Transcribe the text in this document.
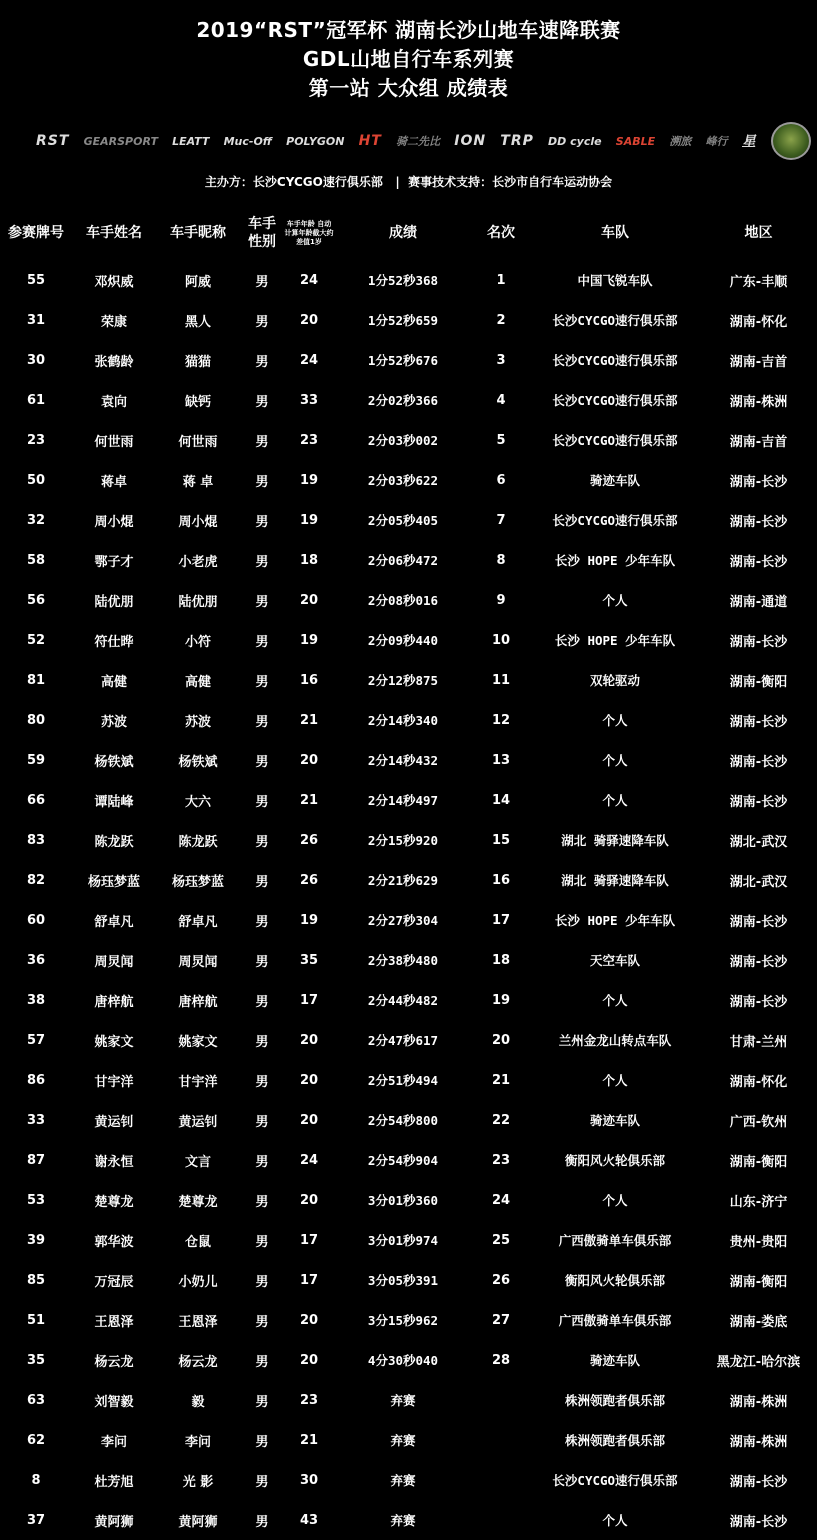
2019“RST”冠军杯 湖南长沙山地车速降联赛
GDL山地自行车系列赛
第一站 大众组 成绩表
RST GEARSPORT LEATT Muc-Off POLYGON HT 骑二先比 ION TRP DD cycle SABLE 溯旅 峰行 星
主办方：长沙CYCGO速行俱乐部   |  赛事技术支持：长沙市自行车运动协会
参赛牌号	车手姓名	车手昵称	车手性别	车手年龄 自动计算年龄截大约差值1岁	成绩	名次	车队	地区
55	邓炽威	阿威	男	24	1分52秒368	1	中国飞锐车队	广东-丰顺
31	荣康	黑人	男	20	1分52秒659	2	长沙CYCGO速行俱乐部	湖南-怀化
30	张鹤龄	猫猫	男	24	1分52秒676	3	长沙CYCGO速行俱乐部	湖南-吉首
61	袁向	缺钙	男	33	2分02秒366	4	长沙CYCGO速行俱乐部	湖南-株洲
23	何世雨	何世雨	男	23	2分03秒002	5	长沙CYCGO速行俱乐部	湖南-吉首
50	蒋卓	蒋 卓	男	19	2分03秒622	6	骑迹车队	湖南-长沙
32	周小焜	周小焜	男	19	2分05秒405	7	长沙CYCGO速行俱乐部	湖南-长沙
58	鄂子才	小老虎	男	18	2分06秒472	8	长沙 HOPE 少年车队	湖南-长沙
56	陆优朋	陆优朋	男	20	2分08秒016	9	个人	湖南-通道
52	符仕晔	小符	男	19	2分09秒440	10	长沙 HOPE 少年车队	湖南-长沙
81	高健	高健	男	16	2分12秒875	11	双轮驱动	湖南-衡阳
80	苏波	苏波	男	21	2分14秒340	12	个人	湖南-长沙
59	杨铁斌	杨铁斌	男	20	2分14秒432	13	个人	湖南-长沙
66	谭陆峰	大六	男	21	2分14秒497	14	个人	湖南-长沙
83	陈龙跃	陈龙跃	男	26	2分15秒920	15	湖北 骑驿速降车队	湖北-武汉
82	杨珏梦蓝	杨珏梦蓝	男	26	2分21秒629	16	湖北 骑驿速降车队	湖北-武汉
60	舒卓凡	舒卓凡	男	19	2分27秒304	17	长沙 HOPE 少年车队	湖南-长沙
36	周炅闻	周炅闻	男	35	2分38秒480	18	天空车队	湖南-长沙
38	唐梓航	唐梓航	男	17	2分44秒482	19	个人	湖南-长沙
57	姚家文	姚家文	男	20	2分47秒617	20	兰州金龙山转点车队	甘肃-兰州
86	甘宇洋	甘宇洋	男	20	2分51秒494	21	个人	湖南-怀化
33	黄运钊	黄运钊	男	20	2分54秒800	22	骑迹车队	广西-钦州
87	谢永恒	文言	男	24	2分54秒904	23	衡阳风火轮俱乐部	湖南-衡阳
53	楚尊龙	楚尊龙	男	20	3分01秒360	24	个人	山东-济宁
39	郭华波	仓鼠	男	17	3分01秒974	25	广西傲骑单车俱乐部	贵州-贵阳
85	万冠辰	小奶儿	男	17	3分05秒391	26	衡阳风火轮俱乐部	湖南-衡阳
51	王恩泽	王恩泽	男	20	3分15秒962	27	广西傲骑单车俱乐部	湖南-娄底
35	杨云龙	杨云龙	男	20	4分30秒040	28	骑迹车队	黑龙江-哈尔滨
63	刘智毅	毅	男	23	弃赛		株洲领跑者俱乐部	湖南-株洲
62	李问	李问	男	21	弃赛		株洲领跑者俱乐部	湖南-株洲
8	杜芳旭	光 影	男	30	弃赛		长沙CYCGO速行俱乐部	湖南-长沙
37	黄阿狮	黄阿狮	男	43	弃赛		个人	湖南-长沙
